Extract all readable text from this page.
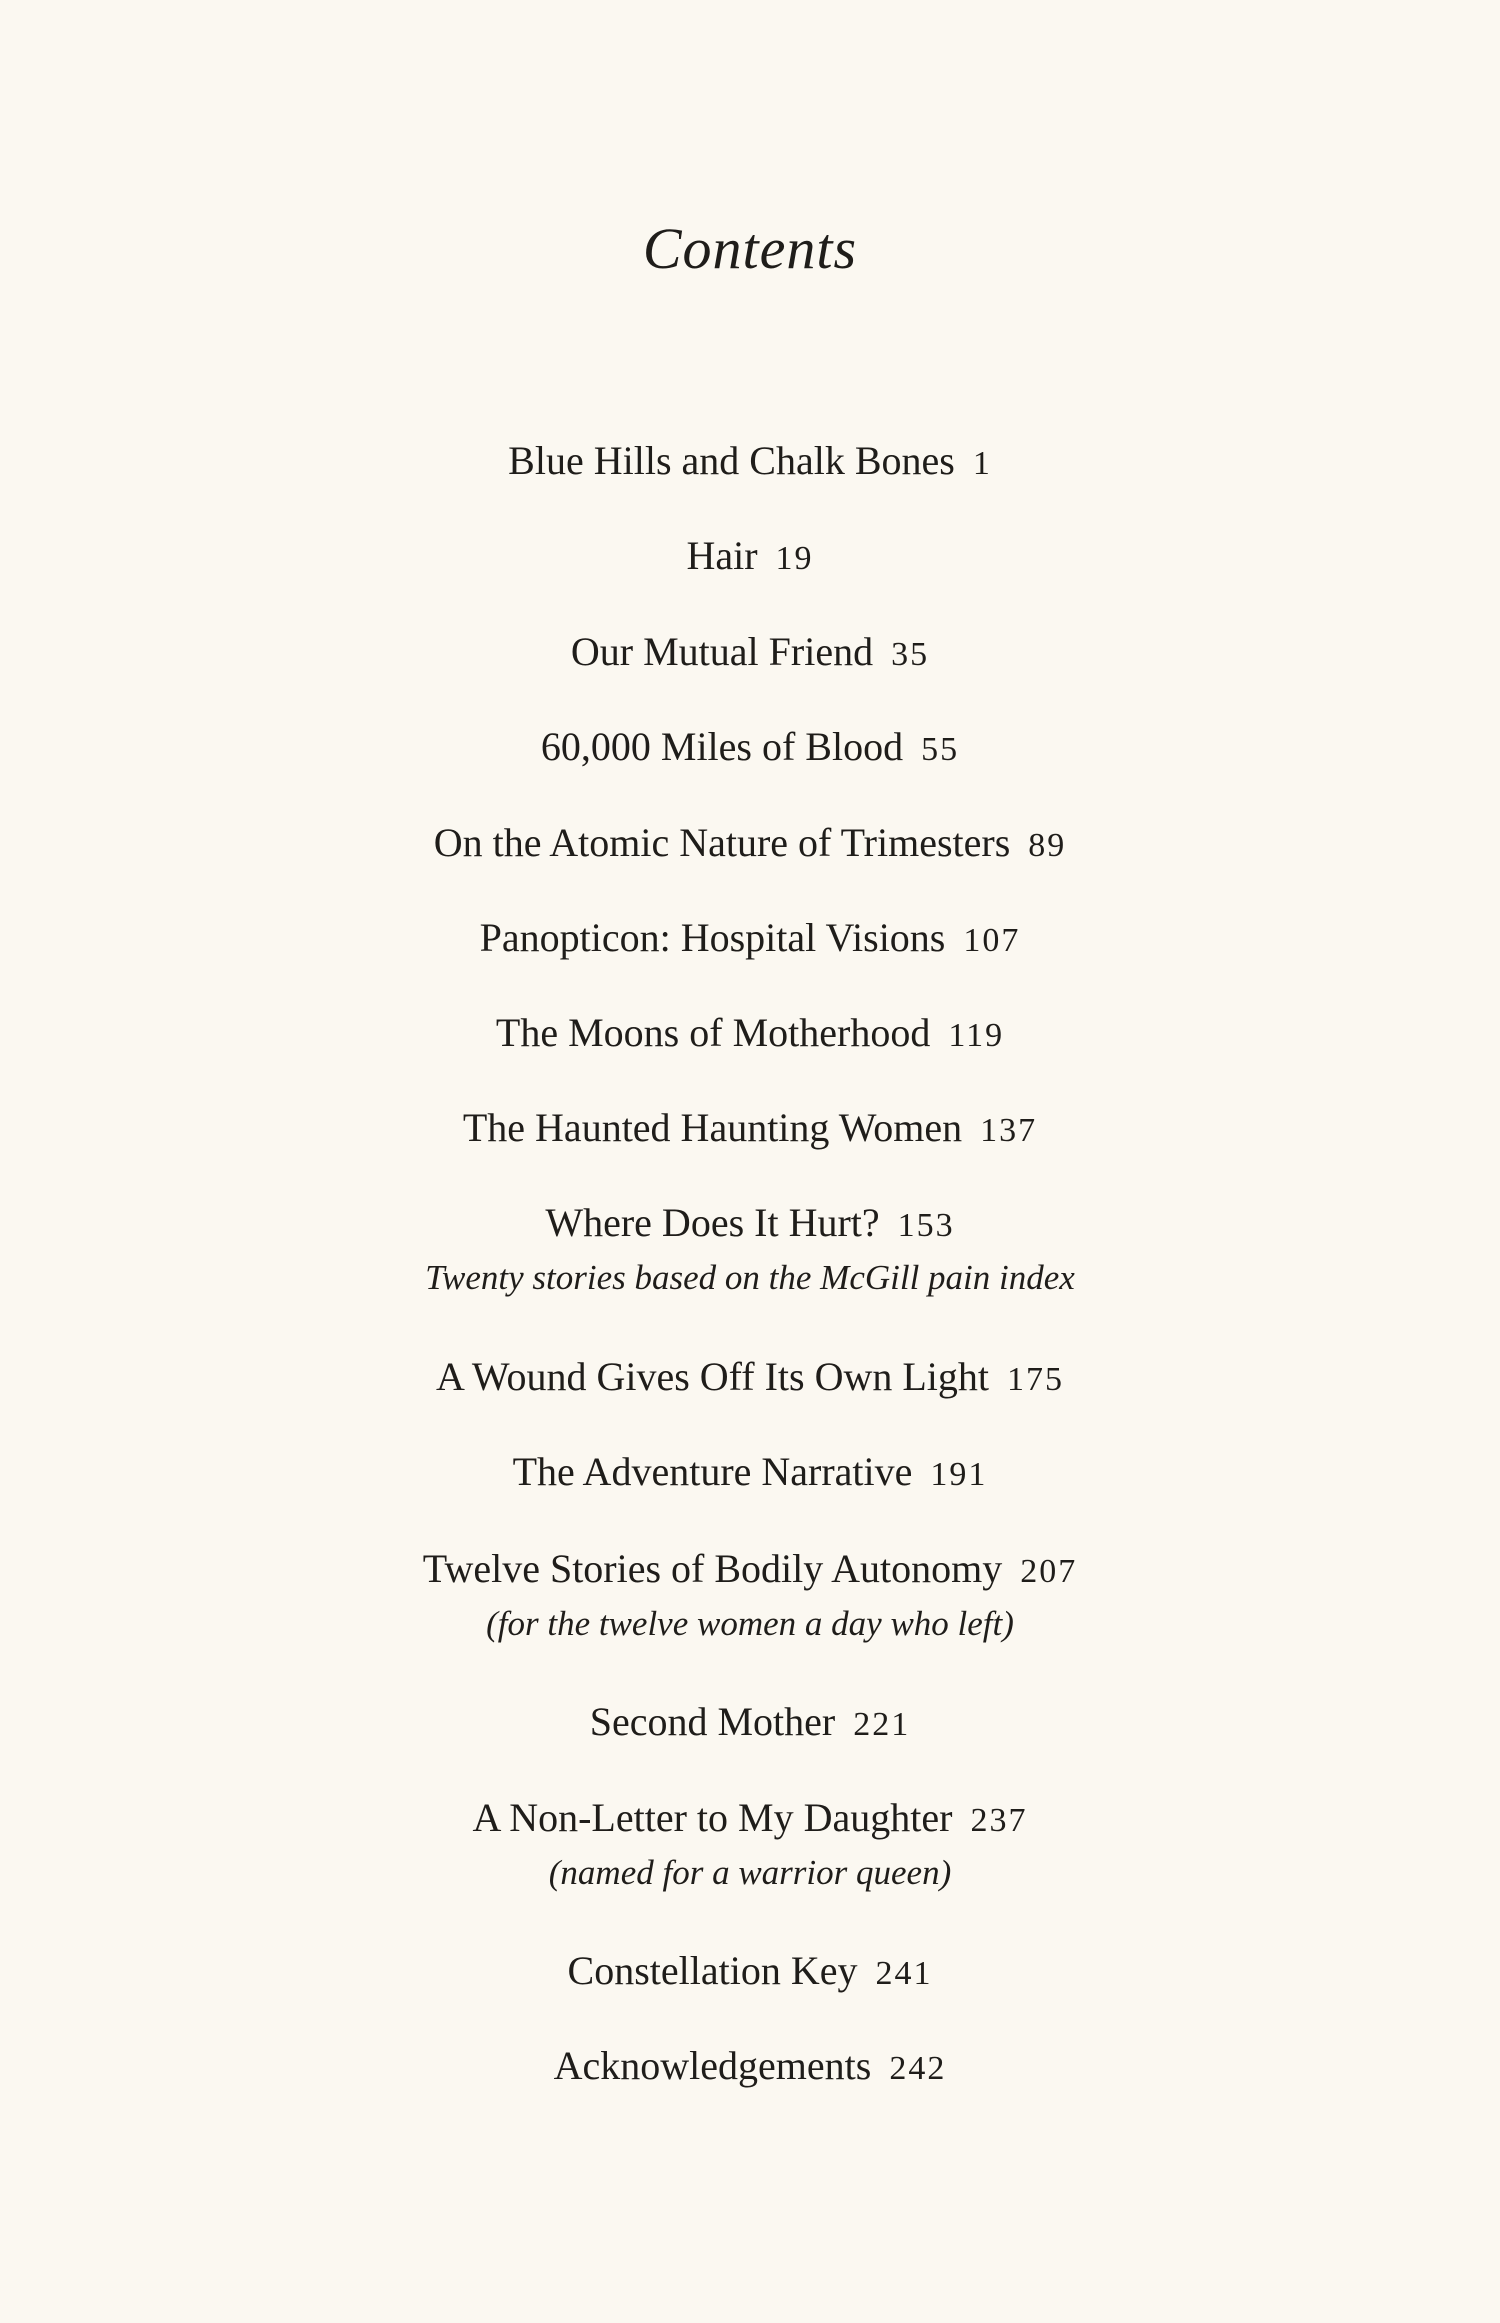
Contents
Blue Hills and Chalk Bones 1
Hair 19
Our Mutual Friend 35
60,000 Miles of Blood 55
On the Atomic Nature of Trimesters 89
Panopticon: Hospital Visions 107
The Moons of Motherhood 119
The Haunted Haunting Women 137
Where Does It Hurt? 153
Twenty stories based on the McGill pain index
A Wound Gives Off Its Own Light 175
The Adventure Narrative 191
Twelve Stories of Bodily Autonomy 207
(for the twelve women a day who left)
Second Mother 221
A Non-Letter to My Daughter 237
(named for a warrior queen)
Constellation Key 241
Acknowledgements 242
